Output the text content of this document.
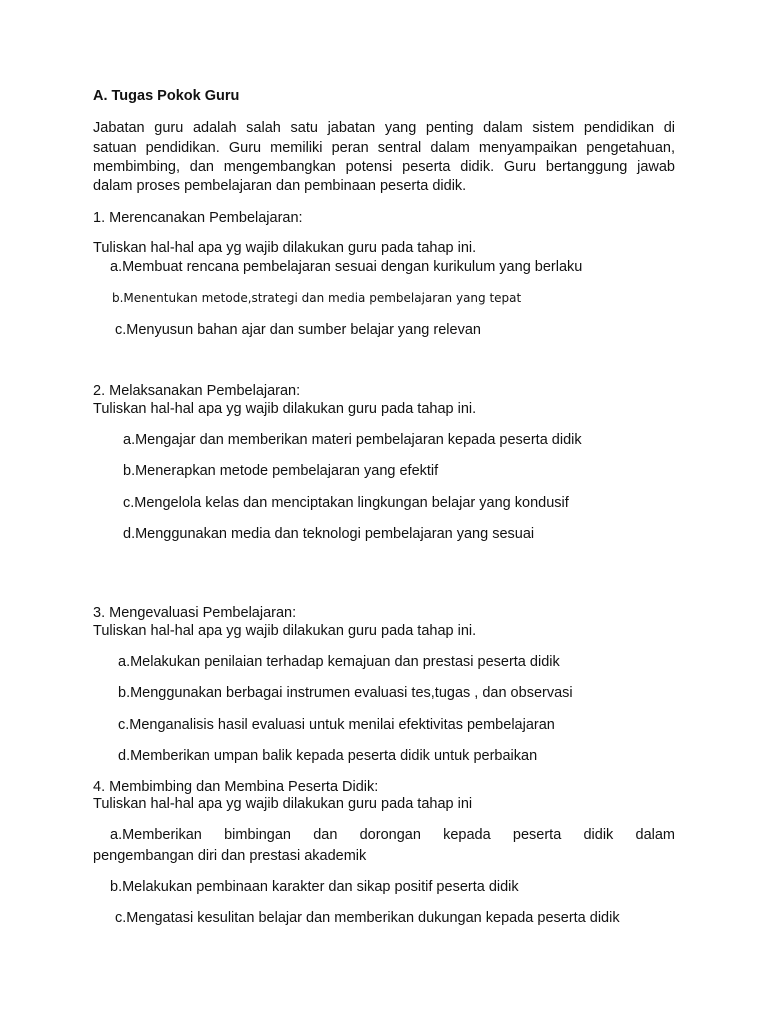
A. Tugas Pokok Guru
Jabatan guru adalah salah satu jabatan yang penting dalam sistem pendidikan di
satuan pendidikan. Guru memiliki peran sentral dalam menyampaikan pengetahuan,
membimbing, dan mengembangkan potensi peserta didik. Guru bertanggung jawab
dalam proses pembelajaran dan pembinaan peserta didik.
1. Merencanakan Pembelajaran:
Tuliskan hal-hal apa yg wajib dilakukan guru pada tahap ini.
a.Membuat rencana pembelajaran sesuai dengan kurikulum yang berlaku
b.Menentukan metode,strategi dan media pembelajaran yang tepat
c.Menyusun bahan ajar dan sumber belajar yang relevan
2. Melaksanakan Pembelajaran:
Tuliskan hal-hal apa yg wajib dilakukan guru pada tahap ini.
a.Mengajar dan memberikan materi pembelajaran kepada peserta didik
b.Menerapkan metode pembelajaran yang efektif
c.Mengelola kelas dan menciptakan lingkungan belajar yang kondusif
d.Menggunakan media dan teknologi pembelajaran yang sesuai
3. Mengevaluasi Pembelajaran:
Tuliskan hal-hal apa yg wajib dilakukan guru pada tahap ini.
a.Melakukan penilaian terhadap kemajuan dan prestasi peserta didik
b.Menggunakan berbagai instrumen evaluasi tes,tugas , dan observasi
c.Menganalisis hasil evaluasi untuk menilai efektivitas pembelajaran
d.Memberikan umpan balik kepada peserta didik untuk perbaikan
4. Membimbing dan Membina Peserta Didik:
Tuliskan hal-hal apa yg wajib dilakukan guru pada tahap ini
a.Memberikan bimbingan dan dorongan kepada peserta didik dalam
pengembangan diri dan prestasi akademik
b.Melakukan pembinaan karakter dan sikap positif peserta didik
c.Mengatasi kesulitan belajar dan memberikan dukungan kepada peserta didik
